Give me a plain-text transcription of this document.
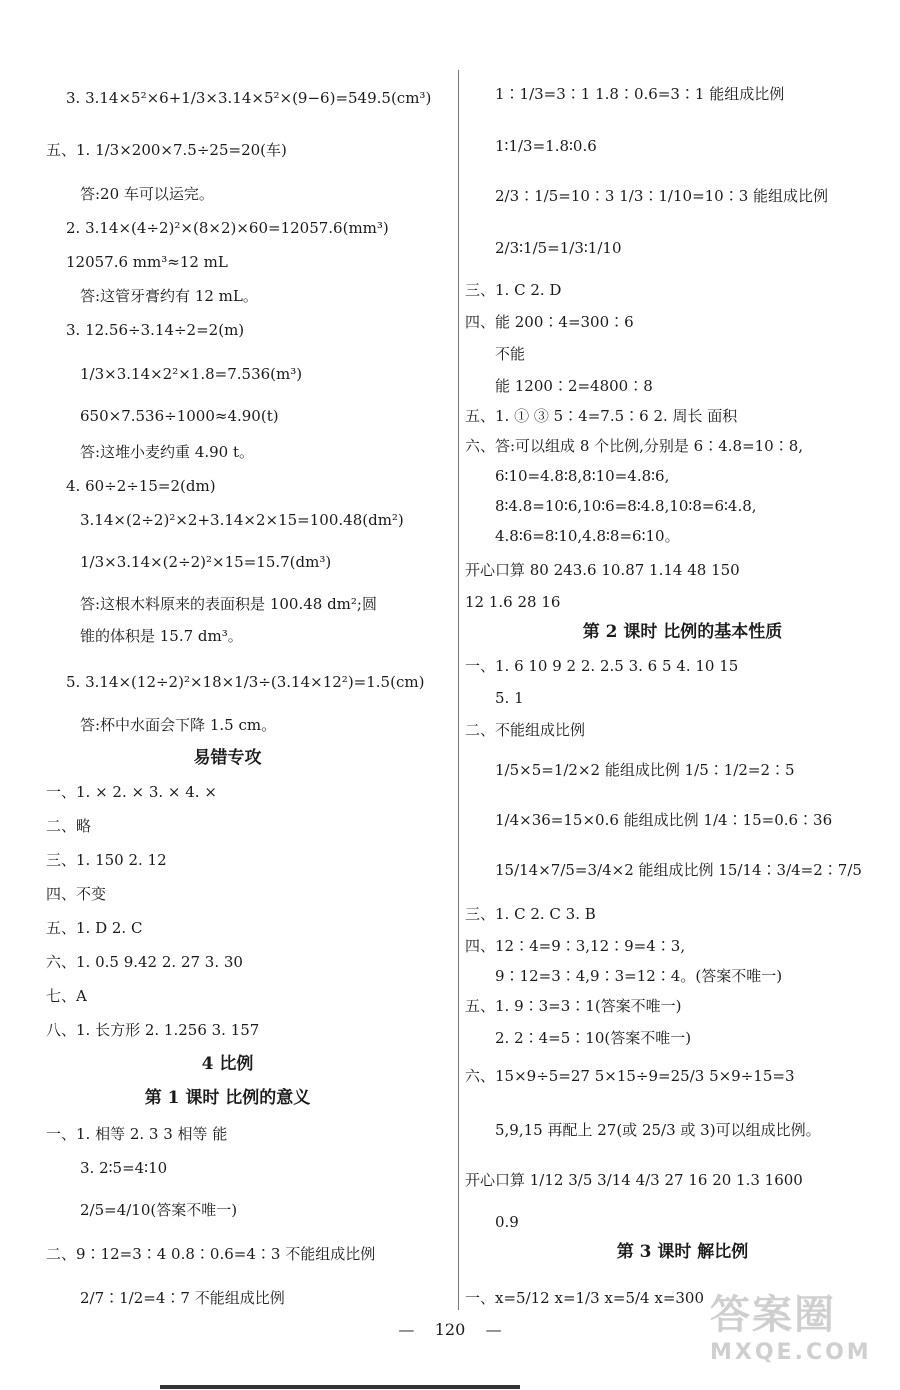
3. 3.14×5²×6+1/3×3.14×5²×(9−6)=549.5(cm³)
五、1. 1/3×200×7.5÷25=20(车)
答:20 车可以运完。
2. 3.14×(4÷2)²×(8×2)×60=12057.6(mm³)
12057.6 mm³≈12 mL
答:这管牙膏约有 12 mL。
3. 12.56÷3.14÷2=2(m)
1/3×3.14×2²×1.8=7.536(m³)
650×7.536÷1000≈4.90(t)
答:这堆小麦约重 4.90 t。
4. 60÷2÷15=2(dm)
3.14×(2÷2)²×2+3.14×2×15=100.48(dm²)
1/3×3.14×(2÷2)²×15=15.7(dm³)
答:这根木料原来的表面积是 100.48 dm²;圆
锥的体积是 15.7 dm³。
5. 3.14×(12÷2)²×18×1/3÷(3.14×12²)=1.5(cm)
答:杯中水面会下降 1.5 cm。
易错专攻
一、1. × 2. × 3. × 4. ×
二、略
三、1. 150 2. 12
四、不变
五、1. D 2. C
六、1. 0.5 9.42 2. 27 3. 30
七、A
八、1. 长方形 2. 1.256 3. 157
4 比例
第 1 课时 比例的意义
一、1. 相等 2. 3 3 相等 能
3. 2∶5=4∶10
2/5=4/10(答案不唯一)
二、9∶12=3∶4 0.8∶0.6=4∶3 不能组成比例
2/7∶1/2=4∶7 不能组成比例
1∶1/3=3∶1 1.8∶0.6=3∶1 能组成比例
1∶1/3=1.8∶0.6
2/3∶1/5=10∶3 1/3∶1/10=10∶3 能组成比例
2/3∶1/5=1/3∶1/10
三、1. C 2. D
四、能 200∶4=300∶6
不能
能 1200∶2=4800∶8
五、1. ① ③ 5∶4=7.5∶6 2. 周长 面积
六、答:可以组成 8 个比例,分别是 6∶4.8=10∶8,
6∶10=4.8∶8,8∶10=4.8∶6,
8∶4.8=10∶6,10∶6=8∶4.8,10∶8=6∶4.8,
4.8∶6=8∶10,4.8∶8=6∶10。
开心口算 80 243.6 10.87 1.14 48 150
12 1.6 28 16
第 2 课时 比例的基本性质
一、1. 6 10 9 2 2. 2.5 3. 6 5 4. 10 15
5. 1
二、不能组成比例
1/5×5=1/2×2 能组成比例 1/5∶1/2=2∶5
1/4×36=15×0.6 能组成比例 1/4∶15=0.6∶36
15/14×7/5=3/4×2 能组成比例 15/14∶3/4=2∶7/5
三、1. C 2. C 3. B
四、12∶4=9∶3,12∶9=4∶3,
9∶12=3∶4,9∶3=12∶4。(答案不唯一)
五、1. 9∶3=3∶1(答案不唯一)
2. 2∶4=5∶10(答案不唯一)
六、15×9÷5=27 5×15÷9=25/3 5×9÷15=3
5,9,15 再配上 27(或 25/3 或 3)可以组成比例。
开心口算 1/12 3/5 3/14 4/3 27 16 20 1.3 1600
0.9
第 3 课时 解比例
一、x=5/12 x=1/3 x=5/4 x=300
— 120 —	答案圈
MXQE.COM
